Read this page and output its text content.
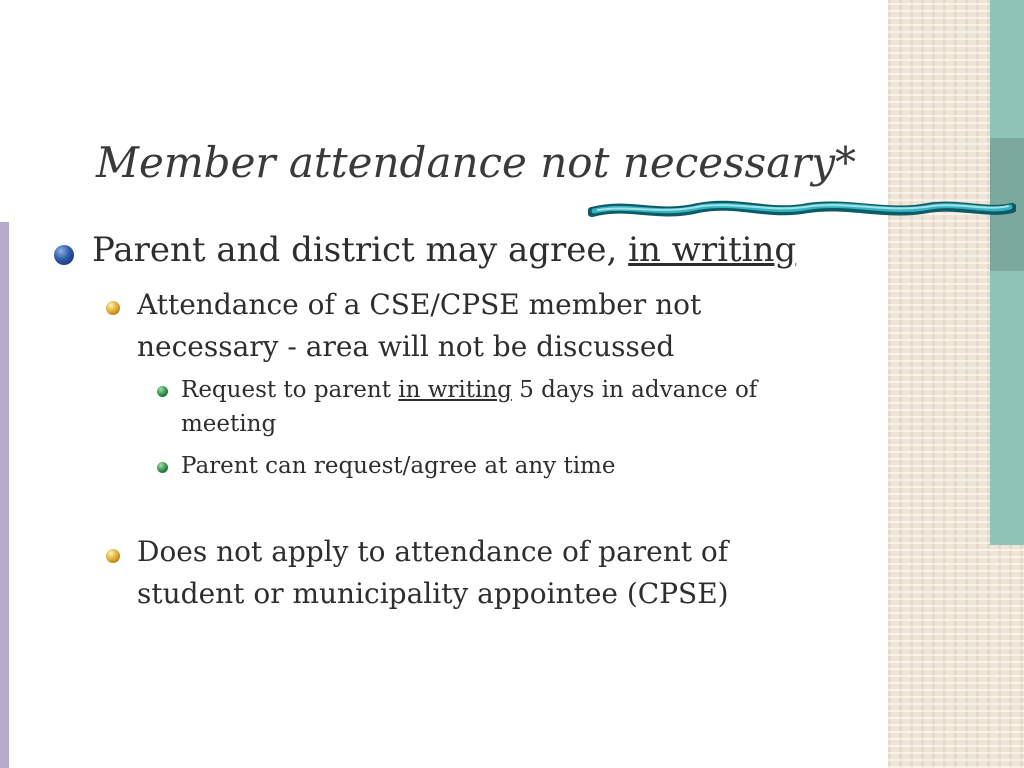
Member attendance not necessary*
Parent and district may agree, in writing
Attendance of a CSE/CPSE member not
necessary - area will not be discussed
Request to parent in writing 5 days in advance of
meeting
Parent can request/agree at any time
Does not apply to attendance of parent of
student or municipality appointee (CPSE)
